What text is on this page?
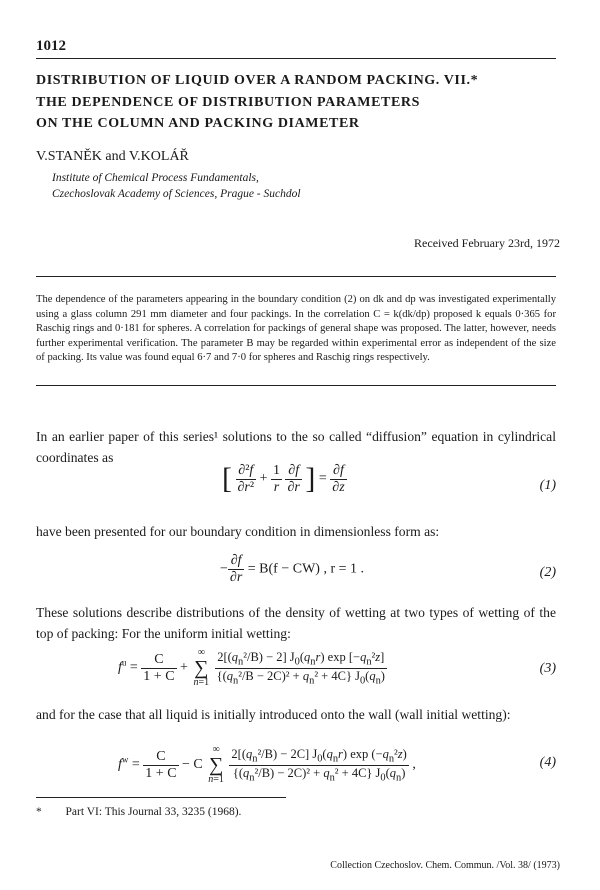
1012
DISTRIBUTION OF LIQUID OVER A RANDOM PACKING. VII.*
THE DEPENDENCE OF DISTRIBUTION PARAMETERS
ON THE COLUMN AND PACKING DIAMETER
V.STANĚK and V.KOLÁŘ
Institute of Chemical Process Fundamentals,
Czechoslovak Academy of Sciences, Prague - Suchdol
Received February 23rd, 1972
The dependence of the parameters appearing in the boundary condition (2) on dk and dp was investigated experimentally using a glass column 291 mm diameter and four packings. In the correlation C = k(dk/dp) proposed k equals 0·365 for Raschig rings and 0·181 for spheres. A correlation for packings of general shape was proposed. The latter, however, needs further experimental verification. The parameter B may be regarded within experimental error as independent of the size of packing. Its value was found equal 6·7 and 7·0 for spheres and Raschig rings respectively.
In an earlier paper of this series¹ solutions to the so called “diffusion” equation in cylindrical coordinates as
[ $\frac{\text{∂²f}}{\text{∂r²}} + \frac{1}{r}$
$\frac{\partial f}{\partial r}$ ] = $\frac{\partial f}{\partial z}$	(1)
have been presented for our boundary condition in dimensionless form as:
− $\frac{\partial f}{\partial r} = B(f - CW)$ , r = 1 .	(2)
These solutions describe distributions of the density of wetting at two types of wetting of the top of packing: For the uniform initial wetting:
$f^u = \frac{C}{1 + C}$ + ∞
∑
$n=1 \frac{2[(q_n^2/B) - 2] J_0(q_nr) \exp [-q_n^2z]}{\{(q_n^2/B - 2C)^2 + q_n^2 + 4C\} J_0(q_n)}$	(3)
and for the case that all liquid is initially introduced onto the wall (wall initial wetting):
$f^w = \frac{C}{1 + C} - C$ ∞
∑
$n=1 \frac{2[(q_n^2/B) - 2C] J_0(q_nr) \exp (-q_n^2z)}{\{(q_n^2/B) - 2C)^2 + q_n^2 + 4C\} J_0(q_n)}$ ,	(4)
* Part VI: This Journal 33, 3235 (1968).
Collection Czechoslov. Chem. Commun. /Vol. 38/ (1973)
